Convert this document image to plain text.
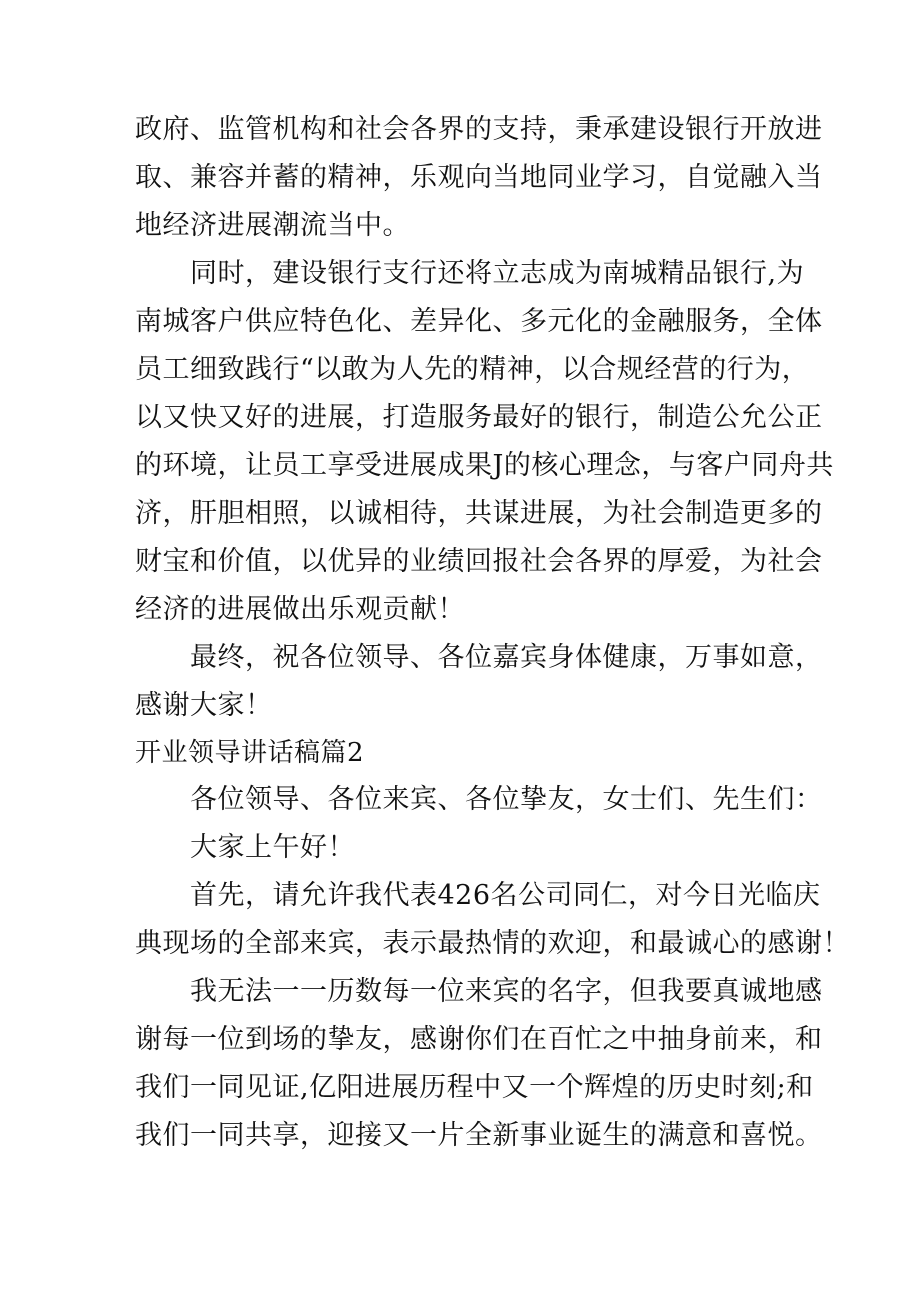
政府、监管机构和社会各界的支持，秉承建设银行开放进
取、兼容并蓄的精神，乐观向当地同业学习，自觉融入当
地经济进展潮流当中。
同时，建设银行支行还将立志成为南城精品银行,为
南城客户供应特色化、差异化、多元化的金融服务，全体
员工细致践行“以敢为人先的精神，以合规经营的行为，
以又快又好的进展，打造服务最好的银行，制造公允公正
的环境，让员工享受进展成果J的核心理念，与客户同舟共
济，肝胆相照，以诚相待，共谋进展，为社会制造更多的
财宝和价值，以优异的业绩回报社会各界的厚爱，为社会
经济的进展做出乐观贡献！
最终，祝各位领导、各位嘉宾身体健康，万事如意，
感谢大家！
开业领导讲话稿篇2
各位领导、各位来宾、各位挚友，女士们、先生们：
大家上午好！
首先，请允许我代表426名公司同仁，对今日光临庆
典现场的全部来宾，表示最热情的欢迎，和最诚心的感谢！
我无法一一历数每一位来宾的名字，但我要真诚地感
谢每一位到场的挚友，感谢你们在百忙之中抽身前来，和
我们一同见证,亿阳进展历程中又一个辉煌的历史时刻;和
我们一同共享，迎接又一片全新事业诞生的满意和喜悦。
